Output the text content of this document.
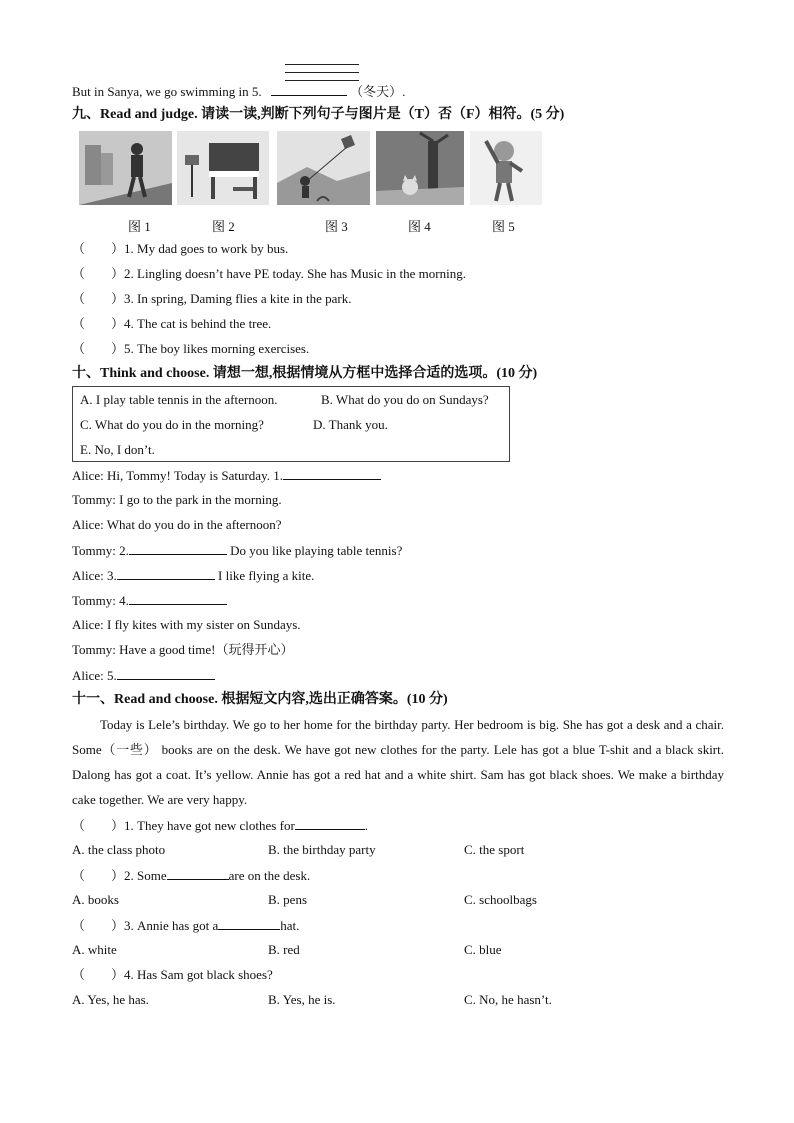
But in Sanya, we go swimming in 5.	（冬天）.
九、Read and judge. 请读一读,判断下列句子与图片是（T）否（F）相符。(5 分)
图 1	图 2	图 3	图 4	图 5
（　　）1. My dad goes to work by bus.
（　　）2. Lingling doesn’t have PE today. She has Music in the morning.
（　　）3. In spring, Daming flies a kite in the park.
（　　）4. The cat is behind the tree.
（　　）5. The boy likes morning exercises.
十、Think and choose. 请想一想,根据情境从方框中选择合适的选项。(10 分)
A. I play table tennis in the afternoon.	B. What do you do on Sundays?
C. What do you do in the morning?	D. Thank you.
E. No, I don’t.
Alice: Hi, Tommy! Today is Saturday. 1.
Tommy: I go to the park in the morning.
Alice: What do you do in the afternoon?
Tommy: 2.	Do you like playing table tennis?
Alice: 3.	I like flying a kite.
Tommy: 4.
Alice: I fly kites with my sister on Sundays.
Tommy: Have a good time!（玩得开心）
Alice: 5.
十一、Read and choose. 根据短文内容,选出正确答案。(10 分)
Today is Lele’s birthday. We go to her home for the birthday party. Her bedroom is big. She has got a desk and a chair. Some（一些） books are on the desk. We have got new clothes for the party. Lele has got a blue T-shit and a black skirt. Dalong has got a coat. It’s yellow. Annie has got a red hat and a white shirt. Sam has got black shoes. We make a birthday cake together. We are very happy.
（　　）1. They have got new clothes for	.
A. the class photo	B. the birthday party	C. the sport
（　　）2. Some	are on the desk.
A. books	B. pens	C. schoolbags
（　　）3. Annie has got a	hat.
A. white	B. red	C. blue
（　　）4. Has Sam got black shoes?
A. Yes, he has.	B. Yes, he is.	C. No, he hasn’t.
